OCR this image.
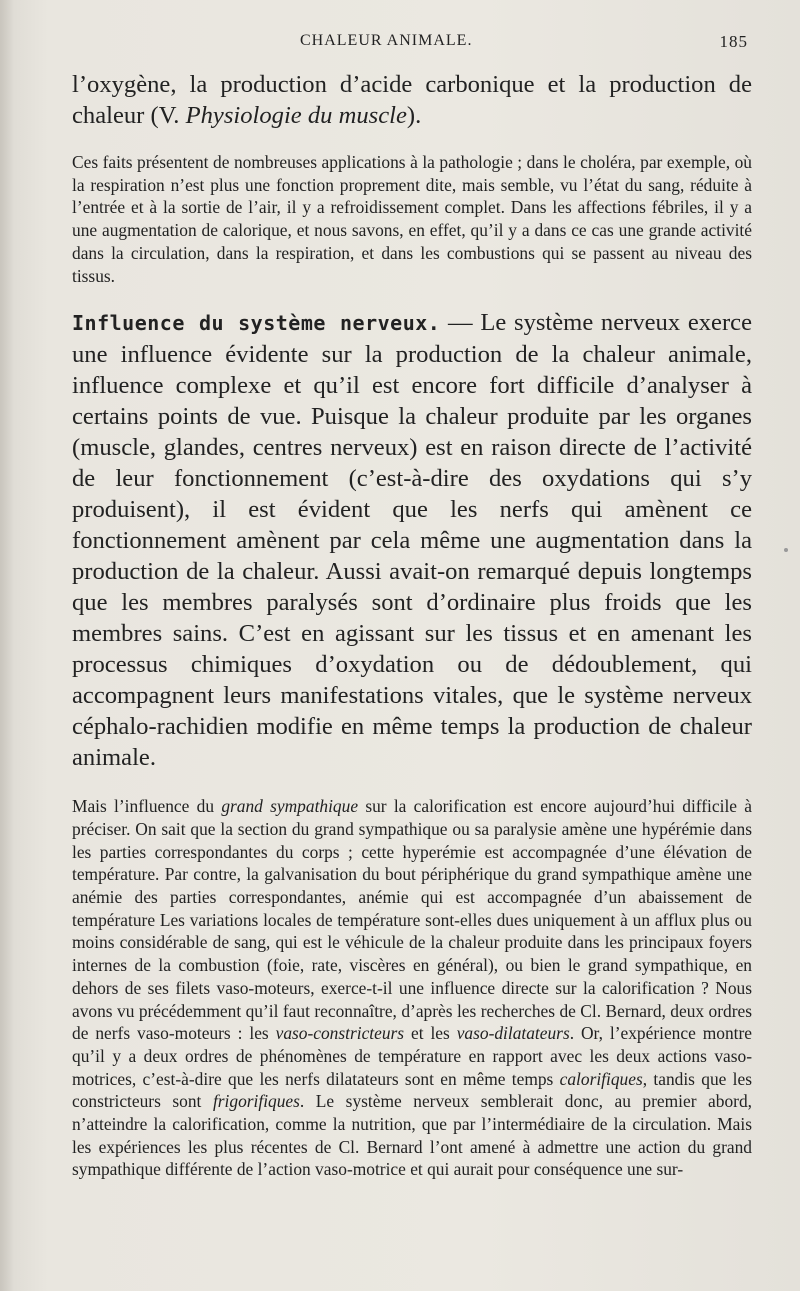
CHALEUR ANIMALE.	185

l’oxygène, la production d’acide carbonique et la production de chaleur (V. Physiologie du muscle).

Ces faits présentent de nombreuses applications à la pathologie ; dans le choléra, par exemple, où la respiration n’est plus une fonction proprement dite, mais semble, vu l’état du sang, réduite à l’entrée et à la sortie de l’air, il y a refroidissement complet. Dans les affections fébriles, il y a une augmentation de calorique, et nous savons, en effet, qu’il y a dans ce cas une grande activité dans la circulation, dans la respiration, et dans les combustions qui se passent au niveau des tissus.

Influence du système nerveux. — Le système nerveux exerce une influence évidente sur la production de la chaleur animale, influence complexe et qu’il est encore fort difficile d’analyser à certains points de vue. Puisque la chaleur produite par les organes (muscle, glandes, centres nerveux) est en raison directe de l’activité de leur fonctionnement (c’est-à-dire des oxydations qui s’y produisent), il est évident que les nerfs qui amènent ce fonctionnement amènent par cela même une augmentation dans la production de la chaleur. Aussi avait-on remarqué depuis longtemps que les membres paralysés sont d’ordinaire plus froids que les membres sains. C’est en agissant sur les tissus et en amenant les processus chimiques d’oxydation ou de dédoublement, qui accompagnent leurs manifestations vitales, que le système nerveux céphalo-rachidien modifie en même temps la production de chaleur animale.

Mais l’influence du grand sympathique sur la calorification est encore aujourd’hui difficile à préciser. On sait que la section du grand sympathique ou sa paralysie amène une hypérémie dans les parties correspondantes du corps ; cette hyperémie est accompagnée d’une élévation de température. Par contre, la galvanisation du bout périphérique du grand sympathique amène une anémie des parties correspondantes, anémie qui est accompagnée d’un abaissement de température Les variations locales de température sont-elles dues uniquement à un afflux plus ou moins considérable de sang, qui est le véhicule de la chaleur produite dans les principaux foyers internes de la combustion (foie, rate, viscères en général), ou bien le grand sympathique, en dehors de ses filets vaso-moteurs, exerce-t-il une influence directe sur la calorification ? Nous avons vu précédemment qu’il faut reconnaître, d’après les recherches de Cl. Bernard, deux ordres de nerfs vaso-moteurs : les vaso-constricteurs et les vaso-dilatateurs. Or, l’expérience montre qu’il y a deux ordres de phénomènes de température en rapport avec les deux actions vaso-motrices, c’est-à-dire que les nerfs dilatateurs sont en même temps calorifiques, tandis que les constricteurs sont frigorifiques. Le système nerveux semblerait donc, au premier abord, n’atteindre la calorification, comme la nutrition, que par l’intermédiaire de la circulation. Mais les expériences les plus récentes de Cl. Bernard l’ont amené à admettre une action du grand sympathique différente de l’action vaso-motrice et qui aurait pour conséquence une sur-
